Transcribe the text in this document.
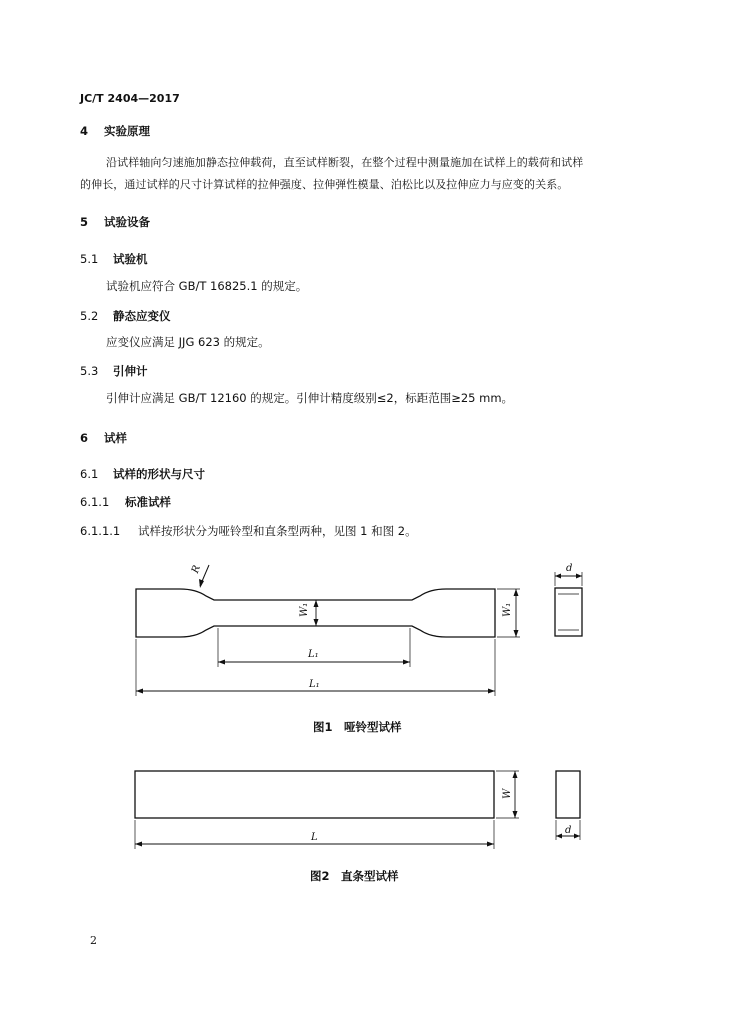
JC/T 2404—2017
4 实验原理
沿试样轴向匀速施加静态拉伸载荷，直至试样断裂，在整个过程中测量施加在试样上的载荷和试样
的伸长，通过试样的尺寸计算试样的拉伸强度、拉伸弹性模量、泊松比以及拉伸应力与应变的关系。
5 试验设备
5.1 试验机
试验机应符合 GB/T 16825.1 的规定。
5.2 静态应变仪
应变仪应满足 JJG 623 的规定。
5.3 引伸计
引伸计应满足 GB/T 12160 的规定。引伸计精度级别≤2，标距范围≥25 mm。
6 试样
6.1 试样的形状与尺寸
6.1.1 标准试样
6.1.1.1 试样按形状分为哑铃型和直条型两种，见图 1 和图 2。
R
W₁	W₁
L₁
L₁
d
图1　哑铃型试样
W
L
d
图2　直条型试样
2
